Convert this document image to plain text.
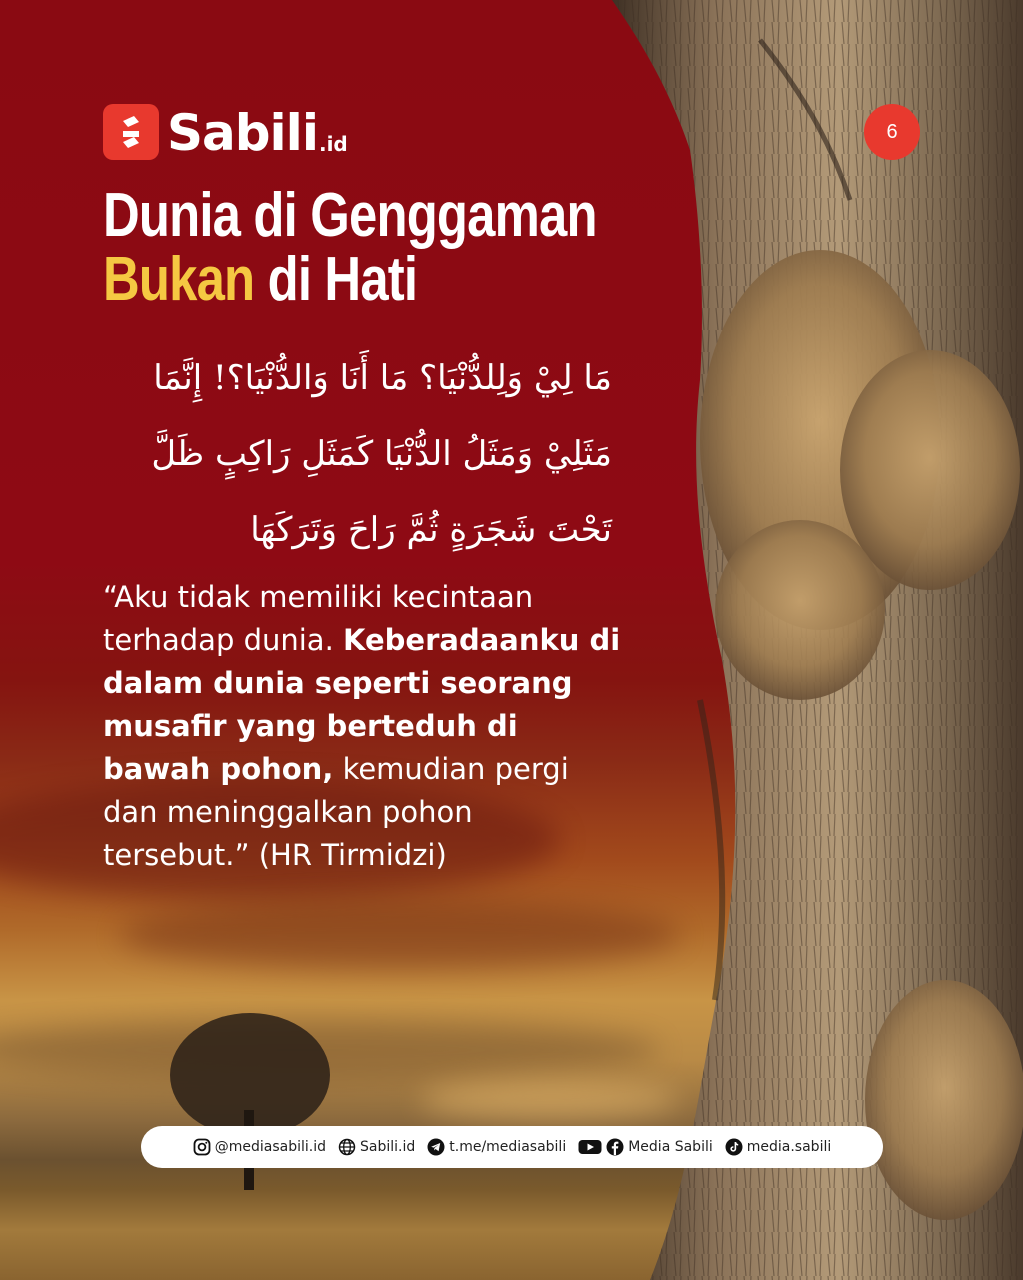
Sabili .id
6
Dunia di Genggaman
Bukan di Hati
مَا لِيْ وَلِلدُّنْيَا؟ مَا أَنَا وَالدُّنْيَا؟! إِنَّمَا مَثَلِيْ وَمَثَلُ الدُّنْيَا كَمَثَلِ رَاكِبٍ ظَلَّ تَحْتَ شَجَرَةٍ ثُمَّ رَاحَ وَتَرَكَهَا
“Aku tidak memiliki kecintaan terhadap dunia. Keberadaanku di dalam dunia seperti seorang musafir yang berteduh di bawah pohon, kemudian pergi dan meninggalkan pohon tersebut.” (HR Tirmidzi)
@mediasabili.id Sabili.id t.me/mediasabili	Media Sabili media.sabili
